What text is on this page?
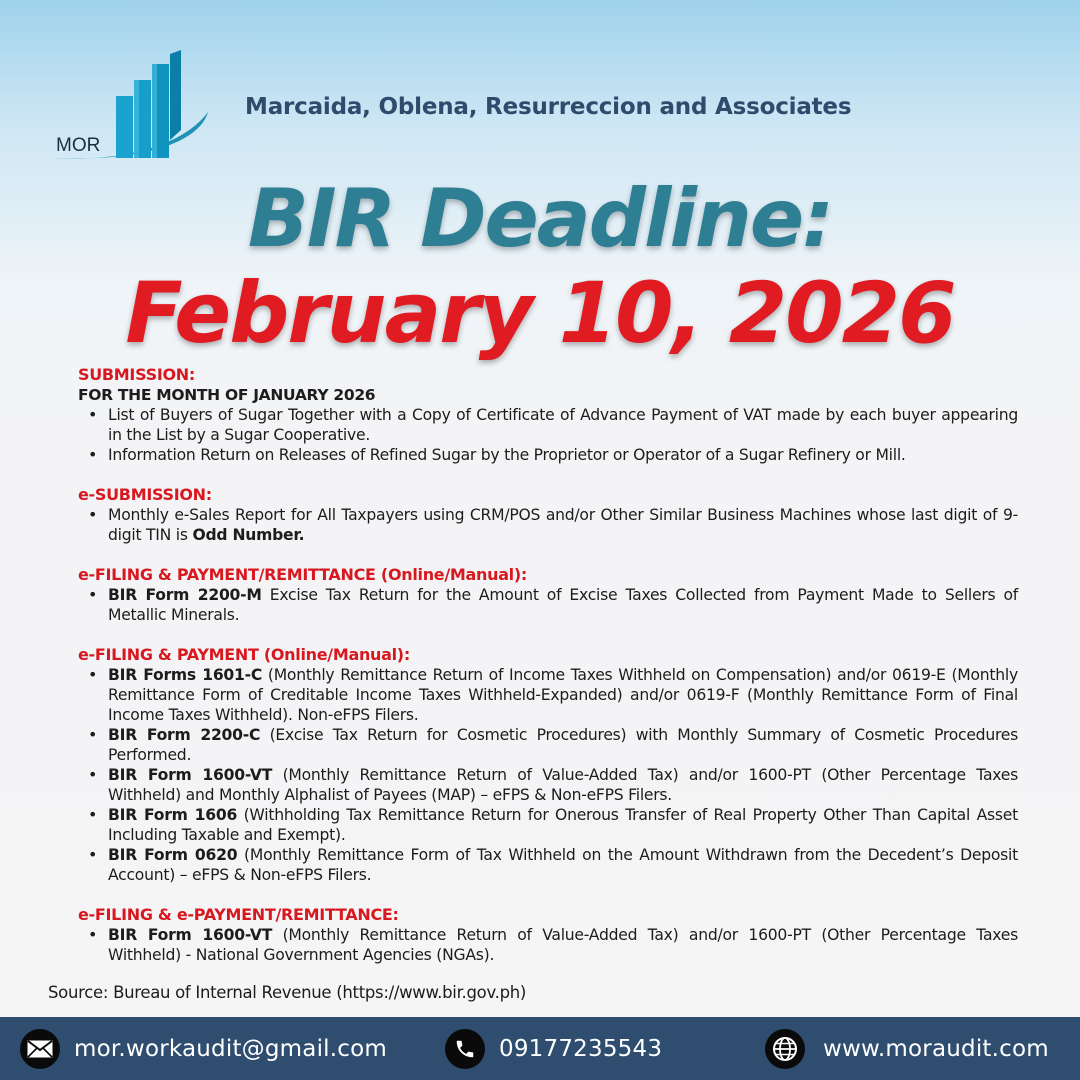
MOR
Marcaida, Oblena, Resurreccion and Associates
BIR Deadline:
February 10, 2026
SUBMISSION:
FOR THE MONTH OF JANUARY 2026
• List of Buyers of Sugar Together with a Copy of Certificate of Advance Payment of VAT made by each buyer appearing in the List by a Sugar Cooperative.
• Information Return on Releases of Refined Sugar by the Proprietor or Operator of a Sugar Refinery or Mill.
e-SUBMISSION:
• Monthly e-Sales Report for All Taxpayers using CRM/POS and/or Other Similar Business Machines whose last digit of 9-digit TIN is Odd Number.
e-FILING & PAYMENT/REMITTANCE (Online/Manual):
• BIR Form 2200-M Excise Tax Return for the Amount of Excise Taxes Collected from Payment Made to Sellers of Metallic Minerals.
e-FILING & PAYMENT (Online/Manual):
• BIR Forms 1601-C (Monthly Remittance Return of Income Taxes Withheld on Compensation) and/or 0619-E (Monthly Remittance Form of Creditable Income Taxes Withheld-Expanded) and/or 0619-F (Monthly Remittance Form of Final Income Taxes Withheld). Non-eFPS Filers.
• BIR Form 2200-C (Excise Tax Return for Cosmetic Procedures) with Monthly Summary of Cosmetic Procedures Performed.
• BIR Form 1600-VT (Monthly Remittance Return of Value-Added Tax) and/or 1600-PT (Other Percentage Taxes Withheld) and Monthly Alphalist of Payees (MAP) – eFPS & Non-eFPS Filers.
• BIR Form 1606 (Withholding Tax Remittance Return for Onerous Transfer of Real Property Other Than Capital Asset Including Taxable and Exempt).
• BIR Form 0620 (Monthly Remittance Form of Tax Withheld on the Amount Withdrawn from the Decedent’s Deposit Account) – eFPS & Non-eFPS Filers.
e-FILING & e-PAYMENT/REMITTANCE:
• BIR Form 1600-VT (Monthly Remittance Return of Value-Added Tax) and/or 1600-PT (Other Percentage Taxes Withheld) - National Government Agencies (NGAs).
Source: Bureau of Internal Revenue (https://www.bir.gov.ph)
mor.workaudit@gmail.com	09177235543	www.moraudit.com
